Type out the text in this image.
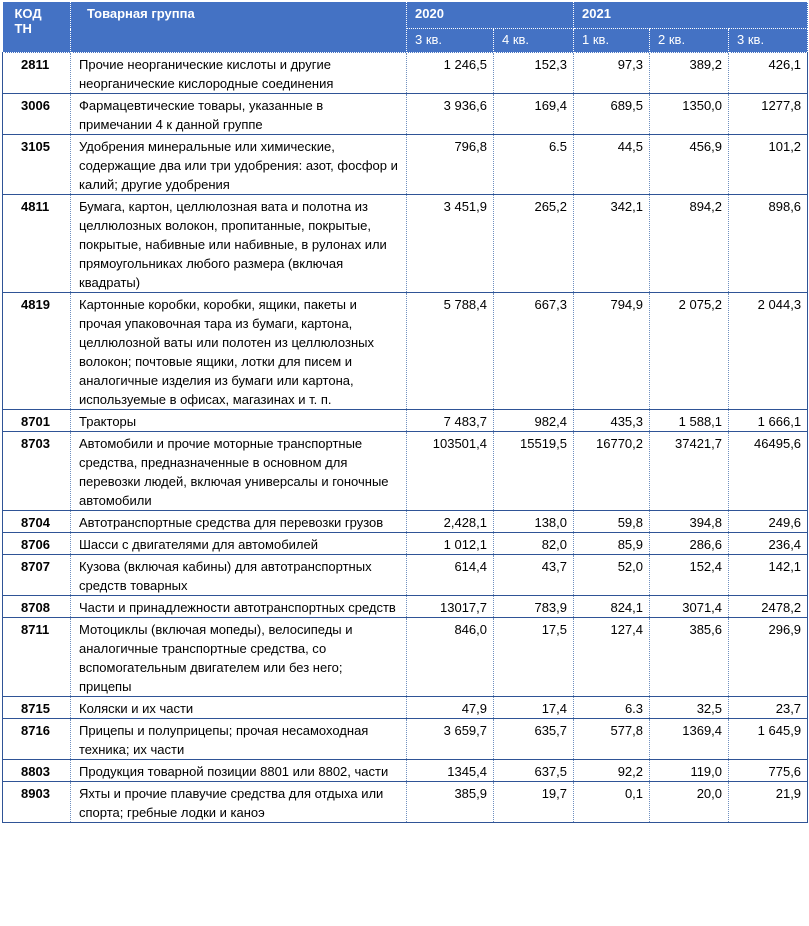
КОД ТН	Товарная группа	2020		2021		
		3 кв.	4 кв.	1 кв.	2 кв.	3 кв.
2811	Прочие неорганические кислоты и другие неорганические кислородные соединения	1 246,5	152,3	97,3	389,2	426,1
3006	Фармацевтические товары, указанные в примечании 4 к данной группе	3 936,6	169,4	689,5	1350,0	1277,8
3105	Удобрения минеральные или химические, содержащие два или три удобрения: азот, фосфор и калий; другие удобрения	796,8	6.5	44,5	456,9	101,2
4811	Бумага, картон, целлюлозная вата и полотна из целлюлозных волокон, пропитанные, покрытые, покрытые, набивные или набивные, в рулонах или прямоугольниках любого размера (включая квадраты)	3 451,9	265,2	342,1	894,2	898,6
4819	Картонные коробки, коробки, ящики, пакеты и прочая упаковочная тара из бумаги, картона, целлюлозной ваты или полотен из целлюлозных волокон; почтовые ящики, лотки для писем и аналогичные изделия из бумаги или картона, используемые в офисах, магазинах и т. п.	5 788,4	667,3	794,9	2 075,2	2 044,3
8701	Тракторы	7 483,7	982,4	435,3	1 588,1	1 666,1
8703	Автомобили и прочие моторные транспортные средства, предназначенные в основном для перевозки людей, включая универсалы и гоночные автомобили	103501,4	15519,5	16770,2	37421,7	46495,6
8704	Автотранспортные средства для перевозки грузов	2,428,1	138,0	59,8	394,8	249,6
8706	Шасси с двигателями для автомобилей	1 012,1	82,0	85,9	286,6	236,4
8707	Кузова (включая кабины) для автотранспортных средств товарных	614,4	43,7	52,0	152,4	142,1
8708	Части и принадлежности автотранспортных средств	13017,7	783,9	824,1	3071,4	2478,2
8711	Мотоциклы (включая мопеды), велосипеды и аналогичные транспортные средства, со вспомогательным двигателем или без него; прицепы	846,0	17,5	127,4	385,6	296,9
8715	Коляски и их части	47,9	17,4	6.3	32,5	23,7
8716	Прицепы и полуприцепы; прочая несамоходная техника; их части	3 659,7	635,7	577,8	1369,4	1 645,9
8803	Продукция товарной позиции 8801 или 8802, части	1345,4	637,5	92,2	119,0	775,6
8903	Яхты и прочие плавучие средства для отдыха или спорта; гребные лодки и каноэ	385,9	19,7	0,1	20,0	21,9
